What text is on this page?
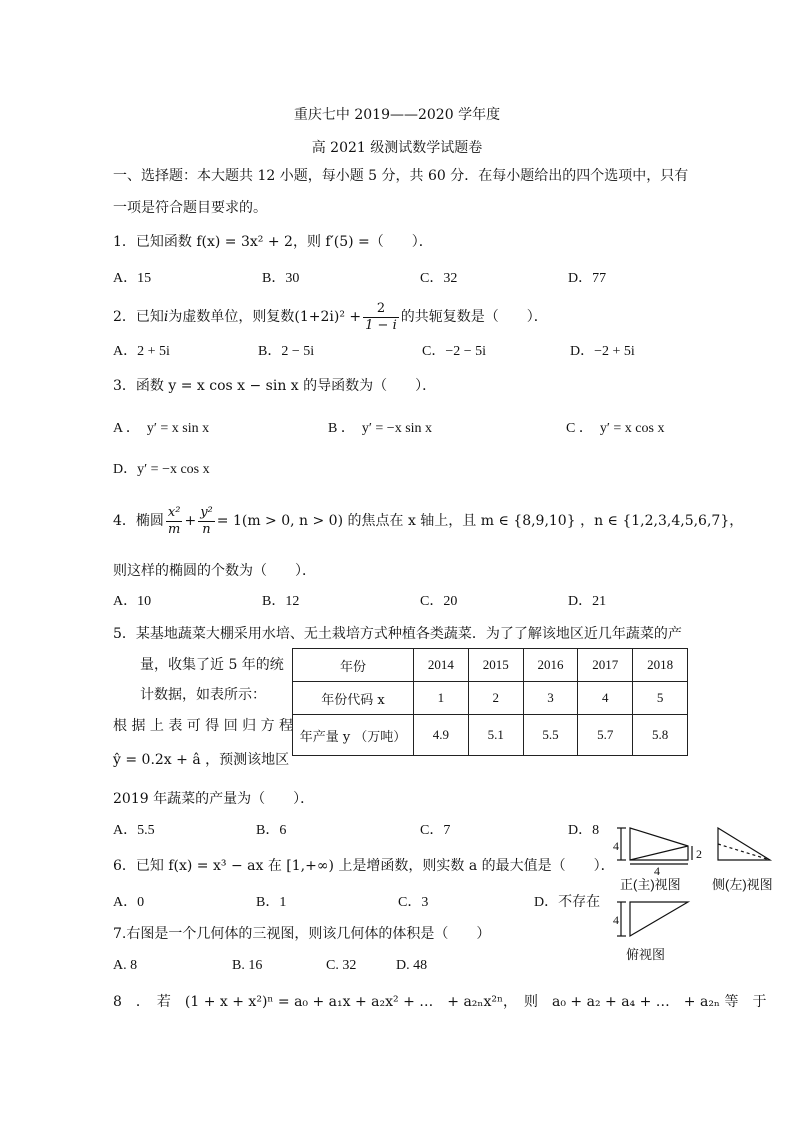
重庆七中 2019——2020 学年度
高 2021 级测试数学试题卷
一、选择题：本大题共 12 小题，每小题 5 分，共 60 分．在每小题给出的四个选项中，只有
一项是符合题目要求的。
1．已知函数 f(x) = 3x² + 2，则 f′(5) =（　　）．
A．15	B．30	C．32	D．77
2．已知i为虚数单位，则复数$(1+2i)^2 + \frac{2}{1 - i}$ 的共轭复数是（　　）．
A．2 + 5i	B．2 − 5i	C．−2 − 5i	D．−2 + 5i
3．函数 y = x cos x − sin x 的导函数为（　　）．
A ．　y′ = x sin x	B ．　y′ = −x sin x	C ．　y′ = x cos x
D．y′ = −x cos x
4．椭圆 $\frac{\text{x²}}{m} + \frac{\text{y²}}{n} = 1(m > 0$, n > 0) 的焦点在 x 轴上，且 m ∈ {8,9,10} ，n ∈ {1,2,3,4,5,6,7}，
则这样的椭圆的个数为（　　）．
A．10	B．12	C．20	D．21
5．某基地蔬菜大棚采用水培、无土栽培方式种植各类蔬菜．为了了解该地区近几年蔬菜的产
量，收集了近 5 年的统
计数据，如表所示：
根 据 上 表 可 得 回 归 方 程
ŷ = 0.2x + â ，预测该地区
年份	2014	2015	2016	2017	2018
年份代码 x	1	2	3	4	5
年产量 y （万吨）	4.9	5.1	5.5	5.7	5.8
2019 年蔬菜的产量为（　　）．
A．5.5	B．6	C．7	D．8
6．已知 f(x) = x³ − ax 在 [1,+∞) 上是增函数，则实数 a 的最大值是（　　）．
A．0	B．1	C．3	D．不存在
7.右图是一个几何体的三视图，则该几何体的体积是（　　）
A. 8	B. 16	C. 32	D. 48
8　．　若　(1 + x + x²)ⁿ = a₀ + a₁x + a₂x² + …　+ a₂ₙx²ⁿ，　则　a₀ + a₂ + a₄ + …　+ a₂ₙ 等　于
4
2
4
4
正(主)视图 侧(左)视图
俯视图
